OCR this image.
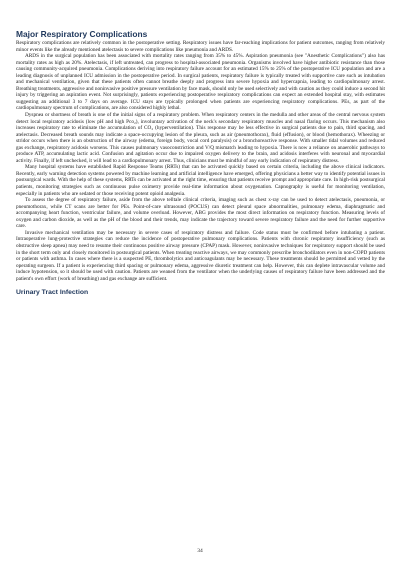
Major Respiratory Complications

Respiratory complications are relatively common in the postoperative setting. Respiratory issues have far-reaching implications for patient outcomes, ranging from relatively minor events like the already mentioned atelectasis to severe complications like pneumonia and ARDS.

ARDS in the surgical population has been associated with mortality rates ranging from 35% to 45%. Aspiration pneumonia (see "Anesthetic Complications") also has mortality rates as high as 20%. Atelectasis, if left untreated, can progress to hospital-associated pneumonia. Organisms involved have higher antibiotic resistance than those causing community-acquired pneumonia. Complications deriving into respiratory failure account for an estimated 15% to 25% of the postoperative ICU population and are a leading diagnosis of unplanned ICU admission in the postoperative period. In surgical patients, respiratory failure is typically treated with supportive care such as intubation and mechanical ventilation, given that these patients often cannot breathe deeply and progress into severe hypoxia and hypercapnia, leading to cardiopulmonary arrest. Breathing treatments, aggressive and noninvasive positive pressure ventilation by face mask, should only be used selectively and with caution as they could induce a second hit injury by triggering an aspiration event. Not surprisingly, patients experiencing postoperative respiratory complications can expect an extended hospital stay, with estimates suggesting an additional 3 to 7 days on average. ICU stays are typically prolonged when patients are experiencing respiratory complications. PEs, as part of the cardiopulmonary spectrum of complications, are also considered highly lethal.

Dyspnea or shortness of breath is one of the initial signs of a respiratory problem. When respiratory centers in the medulla and other areas of the central nervous system detect local respiratory acidosis (low pH and high Pco₂), involuntary activation of the neck's secondary respiratory muscles and nasal flaring occurs. This mechanism also increases respiratory rate to eliminate the accumulation of CO₂ (hyperventilation). This response may be less effective in surgical patients due to pain, third spacing, and atelectasis. Decreased breath sounds may indicate a space-occupying lesion of the pleura, such as air (pneumothorax), fluid (effusion), or blood (hemothorax). Wheezing or stridor occurs when there is an obstruction of the airway (edema, foreign body, vocal cord paralysis) or a bronchoreactive response. With smaller tidal volumes and reduced gas exchange, respiratory acidosis worsens. This causes pulmonary vasoconstriction and V/Q mismatch leading to hypoxia. There is now a reliance on anaerobic pathways to produce ATP, accumulating lactic acid. Confusion and agitation occur due to impaired oxygen delivery to the brain, and acidosis interferes with neuronal and myocardial activity. Finally, if left unchecked, it will lead to a cardiopulmonary arrest. Thus, clinicians must be mindful of any early indication of respiratory distress.

Many hospital systems have established Rapid Response Teams (RRTs) that can be activated quickly based on certain criteria, including the above clinical indicators. Recently, early warning detection systems powered by machine learning and artificial intelligence have emerged, offering physicians a better way to identify potential issues in postsurgical wards. With the help of these systems, RRTs can be activated at the right time, ensuring that patients receive prompt and appropriate care. In high-risk postsurgical patients, monitoring strategies such as continuous pulse oximetry provide real-time information about oxygenation. Capnography is useful for monitoring ventilation, especially in patients who are sedated or those receiving potent opioid analgesia.

To assess the degree of respiratory failure, aside from the above telltale clinical criteria, imaging such as chest x-ray can be used to detect atelectasis, pneumonia, or pneumothorax, while CT scans are better for PEs. Point-of-care ultrasound (POCUS) can detect pleural space abnormalities, pulmonary edema, diaphragmatic and accompanying heart function, ventricular failure, and volume overload. However, ABG provides the most direct information on respiratory function. Measuring levels of oxygen and carbon dioxide, as well as the pH of the blood and their trends, may indicate the trajectory toward severe respiratory failure and the need for further supportive care.

Invasive mechanical ventilation may be necessary in severe cases of respiratory distress and failure. Code status must be confirmed before intubating a patient. Intraoperative lung-protective strategies can reduce the incidence of postoperative pulmonary complications. Patients with chronic respiratory insufficiency (such as obstructive sleep apnea) may need to resume their continuous positive airway pressure (CPAP) mask. However, noninvasive techniques for respiratory support should be used in the short term only and closely monitored in postsurgical patients. When treating reactive airways, we may commonly prescribe bronchodilators even in non-COPD patients or patients with asthma. In cases where there is a suspected PE, thrombolytics and anticoagulants may be necessary. These treatments should be permitted and vetted by the operating surgeon. If a patient is experiencing third spacing or pulmonary edema, aggressive diuretic treatment can help. However, this can deplete intravascular volume and induce hypotension, so it should be used with caution. Patients are weaned from the ventilator when the underlying causes of respiratory failure have been addressed and the patient's own effort (work of breathing) and gas exchange are sufficient.

Urinary Tract Infection
34
